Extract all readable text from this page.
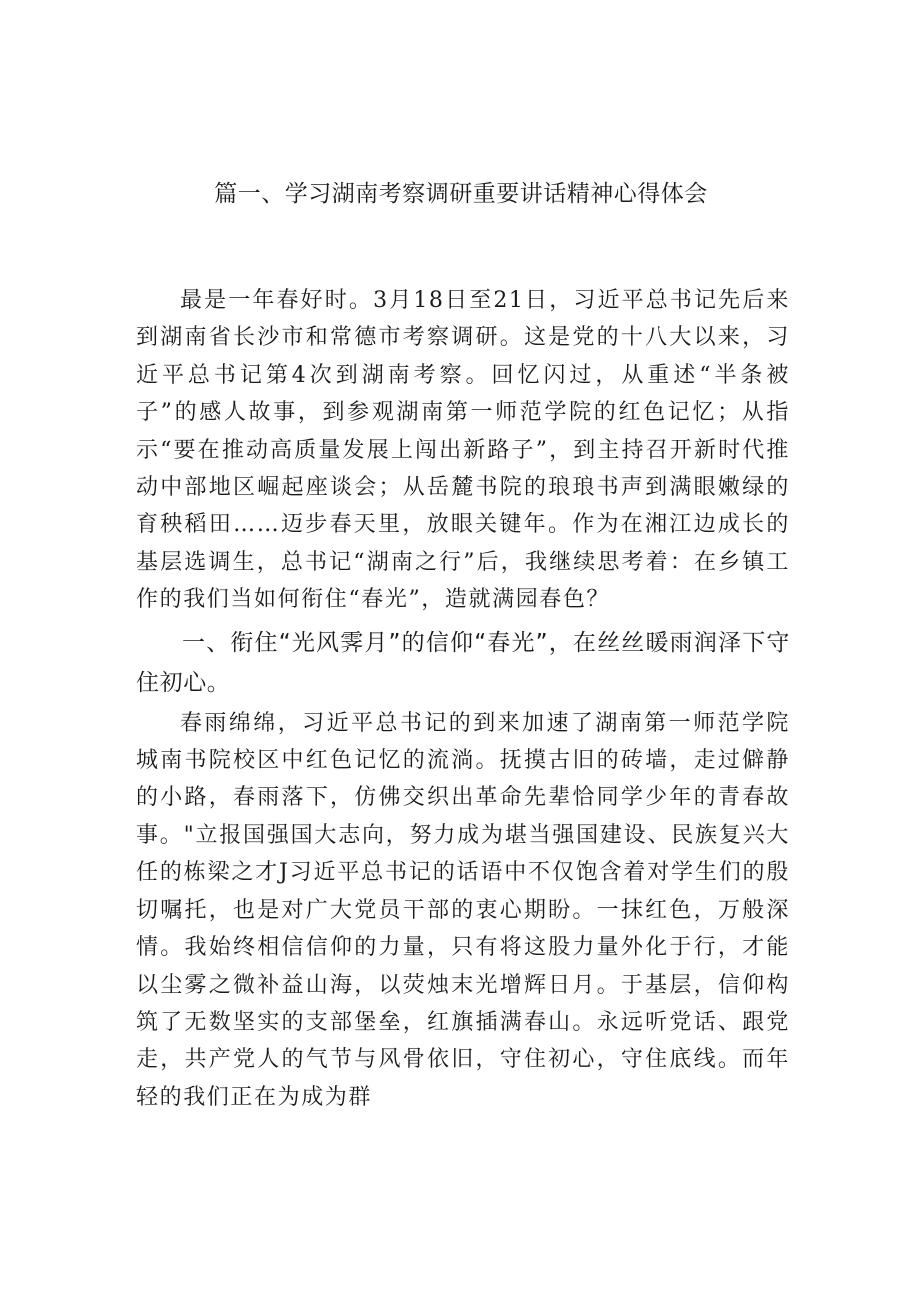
篇一、学习湖南考察调研重要讲话精神心得体会

最是一年春好时。3月18日至21日，习近平总书记先后来到湖南省长沙市和常德市考察调研。这是党的十八大以来，习近平总书记第4次到湖南考察。回忆闪过，从重述“半条被子”的感人故事，到参观湖南第一师范学院的红色记忆；从指示“要在推动高质量发展上闯出新路子”，到主持召开新时代推动中部地区崛起座谈会；从岳麓书院的琅琅书声到满眼嫩绿的育秧稻田……迈步春天里，放眼关键年。作为在湘江边成长的基层选调生，总书记“湖南之行”后，我继续思考着：在乡镇工作的我们当如何衔住“春光”，造就满园春色？

一、衔住“光风霁月”的信仰“春光”，在丝丝暖雨润泽下守住初心。

春雨绵绵，习近平总书记的到来加速了湖南第一师范学院城南书院校区中红色记忆的流淌。抚摸古旧的砖墙，走过僻静的小路，春雨落下，仿佛交织出革命先辈恰同学少年的青春故事。"立报国强国大志向，努力成为堪当强国建设、民族复兴大任的栋梁之才J习近平总书记的话语中不仅饱含着对学生们的殷切嘱托，也是对广大党员干部的衷心期盼。一抹红色，万般深情。我始终相信信仰的力量，只有将这股力量外化于行，才能以尘雾之微补益山海，以荧烛末光增辉日月。于基层，信仰构筑了无数坚实的支部堡垒，红旗插满春山。永远听党话、跟党走，共产党人的气节与风骨依旧，守住初心，守住底线。而年轻的我们正在为成为群
